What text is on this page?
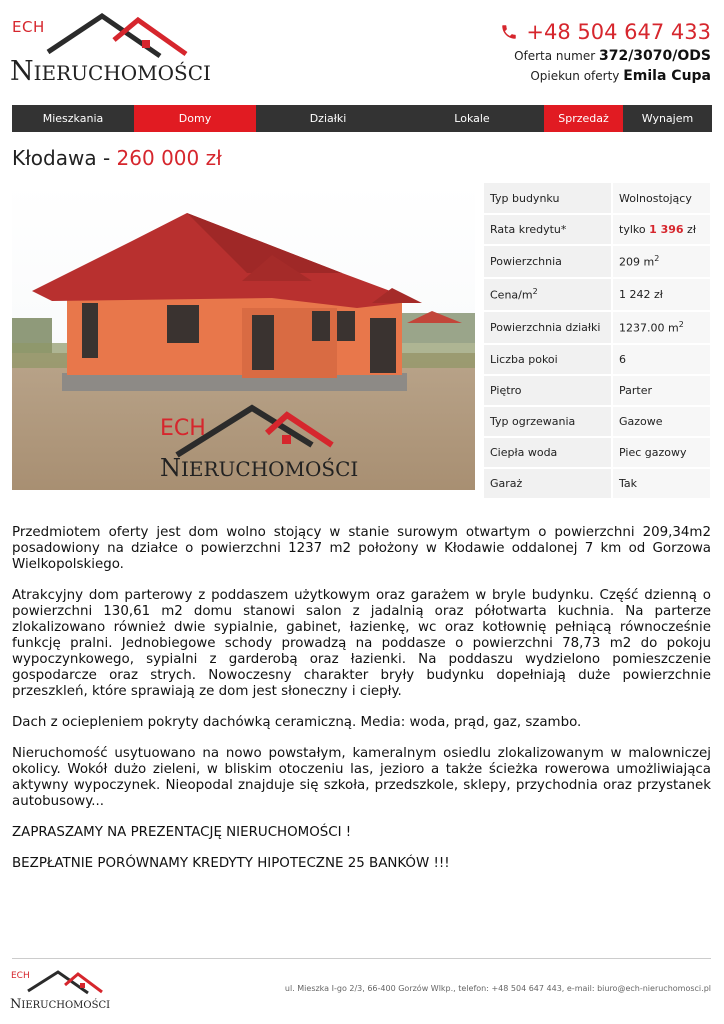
ECH
NIERUCHOMOŚCI
+48 504 647 433
Oferta numer 372/3070/ODS
Opiekun oferty Emila Cupa
Mieszkania	Domy	Działki	Lokale	Sprzedaż	Wynajem
Kłodawa - 260 000 zł
ECH
NIERUCHOMOŚCI
Typ budynku	Wolnostojący
Rata kredytu*	tylko 1 396 zł
Powierzchnia	209 $m^2$
Cena/$m^2$	1 242 zł
Powierzchnia działki	1237.00 $m^2$
Liczba pokoi	6
Piętro	Parter
Typ ogrzewania	Gazowe
Ciepła woda	Piec gazowy
Garaż	Tak

Przedmiotem oferty jest dom wolno stojący w stanie surowym otwartym o powierzchni 209,34m2 posadowiony na działce o powierzchni 1237 m2 położony w Kłodawie oddalonej 7 km od Gorzowa Wielkopolskiego.

Atrakcyjny dom parterowy z poddaszem użytkowym oraz garażem w bryle budynku. Część dzienną o powierzchni 130,61 m2 domu stanowi salon z jadalnią oraz półotwarta kuchnia. Na parterze zlokalizowano również dwie sypialnie, gabinet, łazienkę, wc oraz kotłownię pełniącą równocześnie funkcję pralni. Jednobiegowe schody prowadzą na poddasze o powierzchni 78,73 m2 do pokoju wypoczynkowego, sypialni z garderobą oraz łazienki. Na poddaszu wydzielono pomieszczenie gospodarcze oraz strych. Nowoczesny charakter bryły budynku dopełniają duże powierzchnie przeszkleń, które sprawiają ze dom jest słoneczny i ciepły.

Dach z ociepleniem pokryty dachówką ceramiczną. Media: woda, prąd, gaz, szambo.

Nieruchomość usytuowano na nowo powstałym, kameralnym osiedlu zlokalizowanym w malowniczej okolicy. Wokół dużo zieleni, w bliskim otoczeniu las, jezioro a także ścieżka rowerowa umożliwiająca aktywny wypoczynek. Nieopodal znajduje się szkoła, przedszkole, sklepy, przychodnia oraz przystanek autobusowy...

ZAPRASZAMY NA PREZENTACJĘ NIERUCHOMOŚCI !

BEZPŁATNIE PORÓWNAMY KREDYTY HIPOTECZNE 25 BANKÓW !!!

ECH
NIERUCHOMOŚCI
ul. Mieszka I-go 2/3, 66-400 Gorzów Wlkp., telefon: +48 504 647 443, e-mail: biuro@ech-nieruchomosci.pl
